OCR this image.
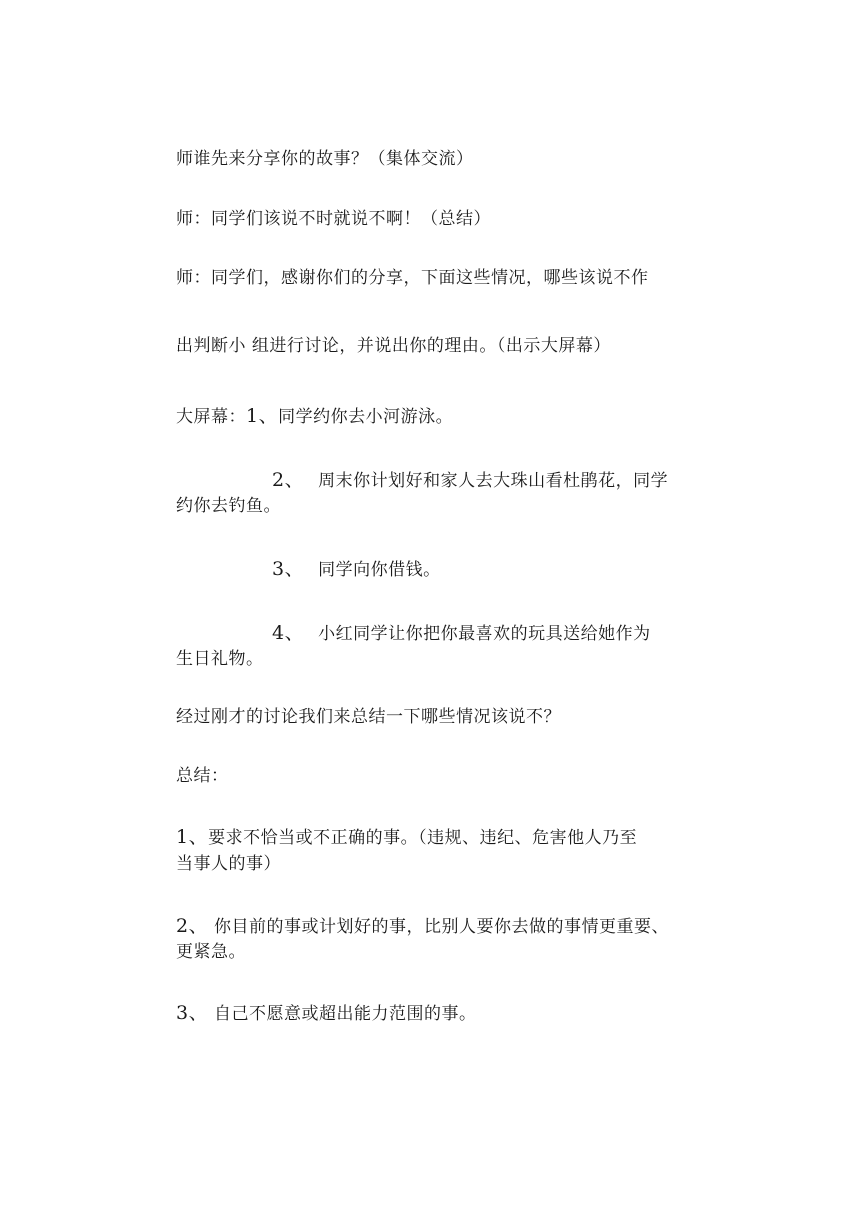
师谁先来分享你的故事？（集体交流）
师：同学们该说不时就说不啊！（总结）
师：同学们，感谢你们的分享，下面这些情况，哪些该说不作
出判断小 组进行讨论，并说出你的理由。（出示大屏幕）
大屏幕：1、同学约你去小河游泳。
2、 周末你计划好和家人去大珠山看杜鹃花，同学
约你去钓鱼。
3、 同学向你借钱。
4、 小红同学让你把你最喜欢的玩具送给她作为
生日礼物。
经过刚才的讨论我们来总结一下哪些情况该说不？
总结：
1、要求不恰当或不正确的事。（违规、违纪、危害他人乃至
当事人的事）
2、 你目前的事或计划好的事，比别人要你去做的事情更重要、
更紧急。
3、 自己不愿意或超出能力范围的事。
